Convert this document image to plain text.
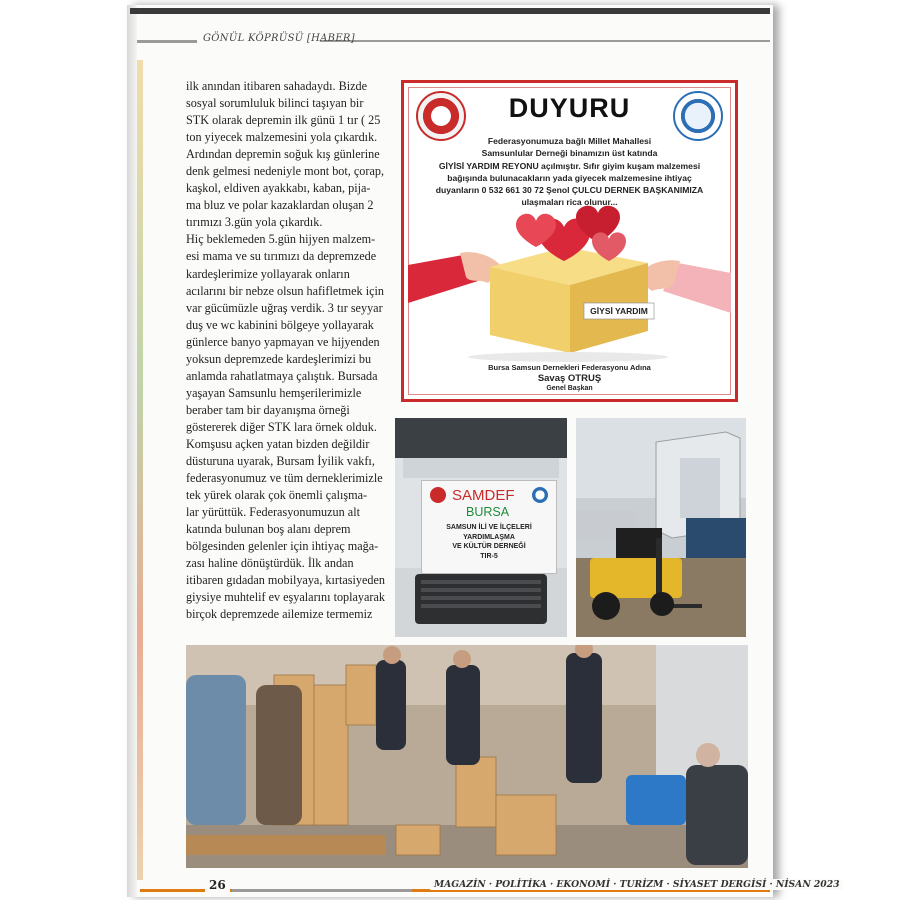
GÖNÜL KÖPRÜSÜ [HABER]

ilk anından itibaren sahadaydı. Bizde

sosyal sorumluluk bilinci taşıyan bir

STK olarak depremin ilk günü 1 tır ( 25

ton yiyecek malzemesini yola çıkardık.

Ardından depremin soğuk kış günlerine

denk gelmesi nedeniyle mont bot, çorap,

kaşkol, eldiven ayakkabı, kaban, pija-

ma bluz ve polar kazaklardan oluşan 2

tırımızı 3.gün yola çıkardık.

Hiç beklemeden 5.gün hijyen malzem-

esi mama ve su tırımızı da depremzede

kardeşlerimize yollayarak onların

acılarını bir nebze olsun hafifletmek için

var gücümüzle uğraş verdik. 3 tır seyyar

duş ve wc kabinini bölgeye yollayarak

günlerce banyo yapmayan ve hijyenden

yoksun depremzede kardeşlerimizi bu

anlamda rahatlatmaya çalıştık. Bursada

yaşayan Samsunlu hemşerilerimizle

beraber tam bir dayanışma örneği

göstererek diğer STK lara örnek olduk.

Komşusu açken yatan bizden değildir

düsturuna uyarak, Bursam İyilik vakfı,

federasyonumuz ve tüm derneklerimizle

tek yürek olarak çok önemli çalışma-

lar yürüttük. Federasyonumuzun alt

katında bulunan boş alanı deprem

bölgesinden gelenler için ihtiyaç mağa-

zası haline dönüştürdük. İlk andan

itibaren gıdadan mobilyaya, kırtasiyeden

giysiye muhtelif ev eşyalarını toplayarak

birçok depremzede ailemize termemiz

DUYURU
Federasyonumuza bağlı Millet Mahallesi
Samsunlular Derneği binamızın üst katında
GİYİSİ YARDIM REYONU açılmıştır. Sıfır giyim kuşam malzemesi
bağışında bulunacakların yada giyecek malzemesine ihtiyaç
duyanların 0 532 661 30 72 Şenol ÇULCU DERNEK BAŞKANIMIZA
ulaşmaları rica olunur...
GİYSİ YARDIM
Bursa Samsun Dernekleri Federasyonu Adına
Savaş OTRUŞ
Genel Başkan
SAMDEF
BURSA
SAMSUN İLİ VE İLÇELERİ
YARDIMLAŞMA
VE KÜLTÜR DERNEĞİ
TIR-5
26	MAGAZİN · POLİTİKA · EKONOMİ · TURİZM · SİYASET DERGİSİ · NİSAN 2023
